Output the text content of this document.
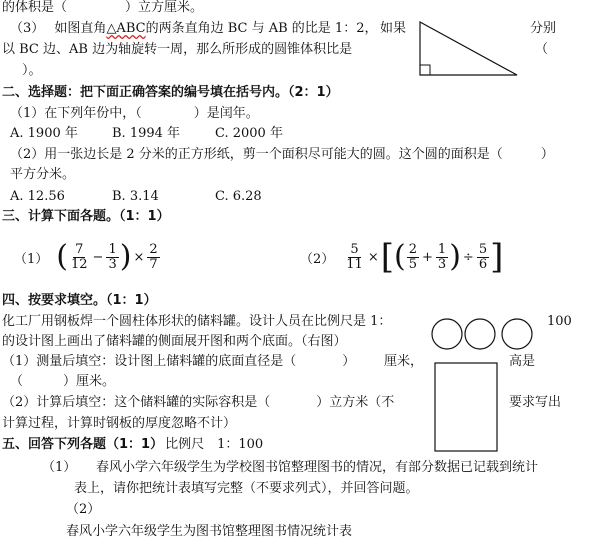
的体积是（	）立方厘米。
（3） 如图直角△ABC的两条直角边 BC 与 AB 的比是 1：2， 如果	分别
以 BC 边、AB 边为轴旋转一周，那么所形成的圆锥体积比是	（
）。
二、选择题：把下面正确答案的编号填在括号内。（2：1）
（1）在下列年份中，（	）是闰年。
A. 1900 年	B. 1994 年	C. 2000 年
（2）用一张边长是 2 分米的正方形纸，剪一个面积尽可能大的圆。这个圆的面积是（	）
平方分米。
A. 12.56	B. 3.14	C. 6.28
三、计算下面各题。（1：1）
（1） ( $\frac{7}{12} - \frac{1}{3}$ ) × $\frac{2}{7}$	$(2) \frac{5}{11}$ × [ ( $\frac{2}{5} + \frac{1}{3}$ ) ÷ $\frac{5}{6}$ ]
四、按要求填空。（1：1）
化工厂用钢板焊一个圆柱体形状的储料罐。设计人员在比例尺是 1：	100
的设计图上画出了储料罐的侧面展开图和两个底面。（右图）
（1）测量后填空：设计图上储料罐的底面直径是（	） 厘米，	高是
（	）厘米。
（2）计算后填空：这个储料罐的实际容积是（	）立方米（不	要求写出
计算过程，计算时钢板的厚度忽略不计）
五、回答下列各题（1：1） 比例尺　1：100
（1） 春风小学六年级学生为学校图书馆整理图书的情况，有部分数据已记载到统计
表上，请你把统计表填写完整（不要求列式），并回答问题。
（2）
春风小学六年级学生为图书馆整理图书情况统计表
